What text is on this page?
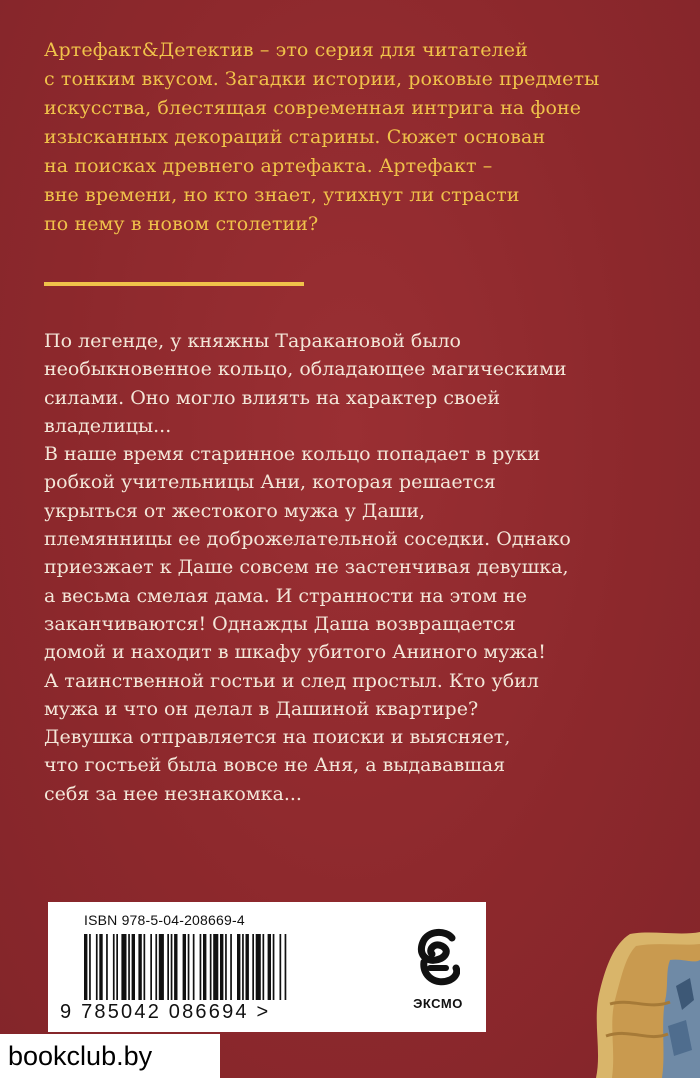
Артефакт&Детектив – это серия для читателей
с тонким вкусом. Загадки истории, роковые предметы
искусства, блестящая современная интрига на фоне
изысканных декораций старины. Сюжет основан
на поисках древнего артефакта. Артефакт –
вне времени, но кто знает, утихнут ли страсти
по нему в новом столетии?
По легенде, у княжны Таракановой было
необыкновенное кольцо, обладающее магическими
силами. Оно могло влиять на характер своей
владелицы...
В наше время старинное кольцо попадает в руки
робкой учительницы Ани, которая решается
укрыться от жестокого мужа у Даши,
племянницы ее доброжелательной соседки. Однако
приезжает к Даше совсем не застенчивая девушка,
а весьма смелая дама. И странности на этом не
заканчиваются! Однажды Даша возвращается
домой и находит в шкафу убитого Аниного мужа!
А таинственной гостьи и след простыл. Кто убил
мужа и что он делал в Дашиной квартире?
Девушка отправляется на поиски и выясняет,
что гостьей была вовсе не Аня, а выдававшая
себя за нее незнакомка...
ISBN 978-5-04-208669-4
9 785042 086694 >	ЭКСМО
bookclub.by
